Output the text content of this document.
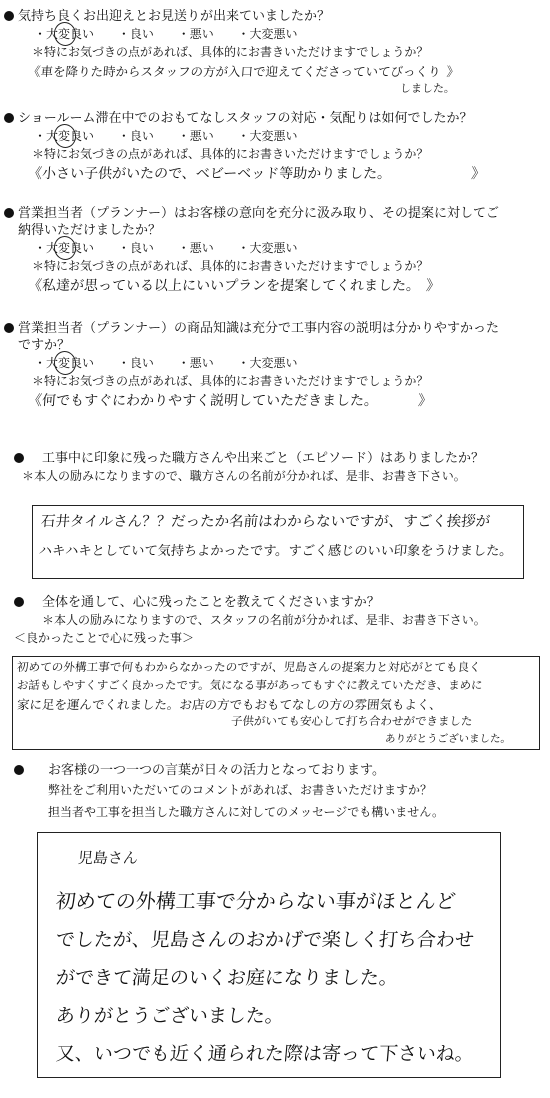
気持ち良くお出迎えとお見送りが出来ていましたか？
・大変良い ・良い ・悪い ・大変悪い
＊特にお気づきの点があれば、具体的にお書きいただけますでしょうか？
《車を降りた時からスタッフの方が入口で迎えてくださっていてびっくり 》
しました。
ショールーム滞在中でのおもてなしスタッフの対応・気配りは如何でしたか？
・大変良い ・良い ・悪い ・大変悪い
＊特にお気づきの点があれば、具体的にお書きいただけますでしょうか？
《小さい子供がいたので、ベビーベッド等助かりました。	》
営業担当者（プランナー）はお客様の意向を充分に汲み取り、その提案に対してご
納得いただけましたか？
・大変良い ・良い ・悪い ・大変悪い
＊特にお気づきの点があれば、具体的にお書きいただけますでしょうか？
《私達が思っている以上にいいプランを提案してくれました。 》
営業担当者（プランナー）の商品知識は充分で工事内容の説明は分かりやすかった
ですか？
・大変良い ・良い ・悪い ・大変悪い
＊特にお気づきの点があれば、具体的にお書きいただけますでしょうか？
《何でもすぐにわかりやすく説明していただきました。	》
工事中に印象に残った職方さんや出来ごと（エピソード）はありましたか？
＊本人の励みになりますので、職方さんの名前が分かれば、是非、お書き下さい。
石井タイルさん？？だったか名前はわからないですが、すごく挨拶が
ハキハキとしていて気持ちよかったです。すごく感じのいい印象をうけました。
全体を通して、心に残ったことを教えてくださいますか？
＊本人の励みになりますので、スタッフの名前が分かれば、是非、お書き下さい。
＜良かったことで心に残った事＞
初めての外構工事で何もわからなかったのですが、児島さんの提案力と対応がとても良く
お話もしやすくすごく良かったです。気になる事があってもすぐに教えていただき、まめに
家に足を運んでくれました。お店の方でもおもてなしの方の雰囲気もよく、
子供がいても安心して打ち合わせができました
ありがとうございました。
お客様の一つ一つの言葉が日々の活力となっております。
弊社をご利用いただいてのコメントがあれば、お書きいただけますか？
担当者や工事を担当した職方さんに対してのメッセージでも構いません。
児島さん
初めての外構工事で分からない事がほとんど
でしたが、児島さんのおかげで楽しく打ち合わせ
ができて満足のいくお庭になりました。
ありがとうございました。
又、いつでも近く通られた際は寄って下さいね。
